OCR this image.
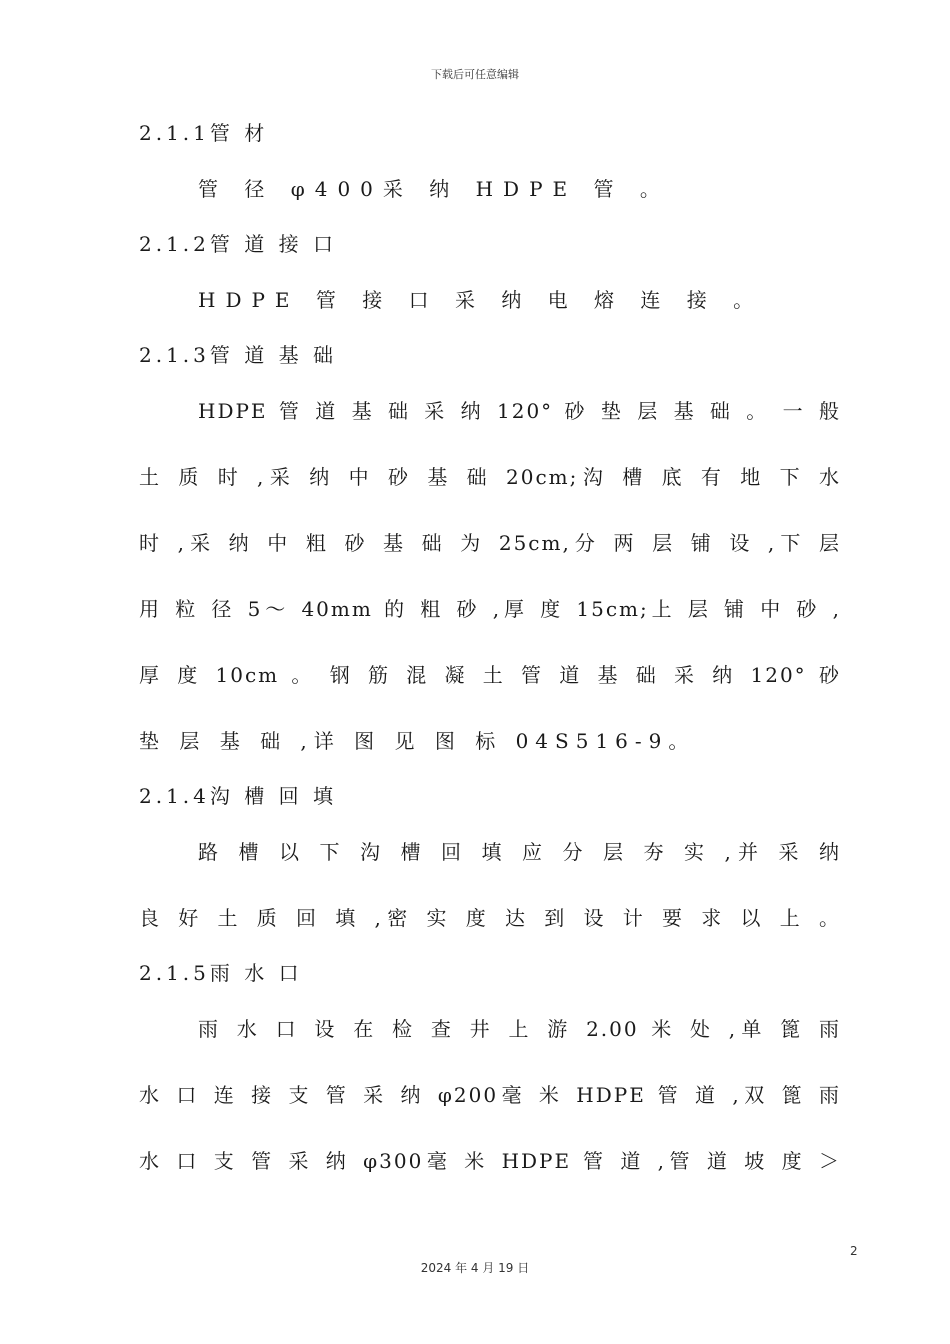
下载后可任意编辑
2.1.1管 材
管 径 φ400采 纳 HDPE 管 。
2.1.2管 道 接 口
HDPE 管 接 口 采 纳 电 熔 连 接 。
2.1.3管 道 基 础
HDPE 管 道 基 础 采 纳 120° 砂 垫 层 基 础 。 一 般
土 质 时 ,采 纳 中 砂 基 础 20cm;沟 槽 底 有 地 下 水
时 ,采 纳 中 粗 砂 基 础 为 25cm,分 两 层 铺 设 ,下 层
用 粒 径 5～ 40mm 的 粗 砂 ,厚 度 15cm;上 层 铺 中 砂 ,
厚 度 10cm 。 钢 筋 混 凝 土 管 道 基 础 采 纳 120° 砂
垫 层 基 础 ,详 图 见 图 标 04S516-9。
2.1.4沟 槽 回 填
路 槽 以 下 沟 槽 回 填 应 分 层 夯 实 ,并 采 纳
良 好 土 质 回 填 ,密 实 度 达 到 设 计 要 求 以 上 。
2.1.5雨 水 口
雨 水 口 设 在 检 查 井 上 游 2.00 米 处 ,单 篦 雨
水 口 连 接 支 管 采 纳 φ200毫 米 HDPE 管 道 ,双 篦 雨
水 口 支 管 采 纳 φ300毫 米 HDPE 管 道 ,管 道 坡 度 ＞
2
2024 年 4 月 19 日
